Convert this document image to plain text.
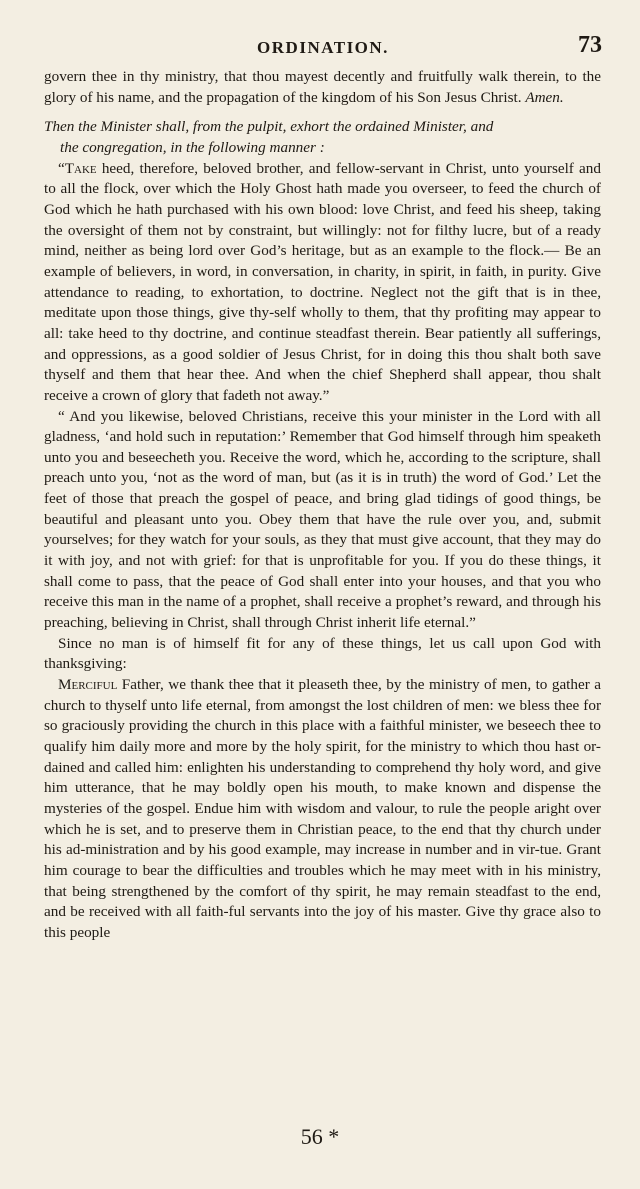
ORDINATION.	73

govern thee in thy ministry, that thou mayest decently and fruitfully walk therein, to the glory of his name, and the propagation of the kingdom of his Son Jesus Christ. Amen.

Then the Minister shall, from the pulpit, exhort the ordained Minister, and
the congregation, in the following manner :

“Take heed, therefore, beloved brother, and fellow-servant in Christ, unto yourself and to all the flock, over which the Holy Ghost hath made you overseer, to feed the church of God which he hath purchased with his own blood: love Christ, and feed his sheep, taking the oversight of them not by constraint, but willingly: not for filthy lucre, but of a ready mind, neither as being lord over God’s heritage, but as an example to the flock.— Be an example of believers, in word, in conversation, in charity, in spirit, in faith, in purity. Give attendance to reading, to exhortation, to doctrine. Neglect not the gift that is in thee, meditate upon those things, give thy-self wholly to them, that thy profiting may appear to all: take heed to thy doctrine, and continue steadfast therein. Bear patiently all sufferings, and oppressions, as a good soldier of Jesus Christ, for in doing this thou shalt both save thyself and them that hear thee. And when the chief Shepherd shall appear, thou shalt receive a crown of glory that fadeth not away.”

“ And you likewise, beloved Christians, receive this your minister in the Lord with all gladness, ‘and hold such in reputation:’ Remember that God himself through him speaketh unto you and beseecheth you. Receive the word, which he, according to the scripture, shall preach unto you, ‘not as the word of man, but (as it is in truth) the word of God.’ Let the feet of those that preach the gospel of peace, and bring glad tidings of good things, be beautiful and pleasant unto you. Obey them that have the rule over you, and, submit yourselves; for they watch for your souls, as they that must give account, that they may do it with joy, and not with grief: for that is unprofitable for you. If you do these things, it shall come to pass, that the peace of God shall enter into your houses, and that you who receive this man in the name of a prophet, shall receive a prophet’s reward, and through his preaching, believing in Christ, shall through Christ inherit life eternal.”

Since no man is of himself fit for any of these things, let us call upon God with thanksgiving:

Merciful Father, we thank thee that it pleaseth thee, by the ministry of men, to gather a church to thyself unto life eternal, from amongst the lost children of men: we bless thee for so graciously providing the church in this place with a faithful minister, we beseech thee to qualify him daily more and more by the holy spirit, for the ministry to which thou hast or-dained and called him: enlighten his understanding to comprehend thy holy word, and give him utterance, that he may boldly open his mouth, to make known and dispense the mysteries of the gospel. Endue him with wisdom and valour, to rule the people aright over which he is set, and to preserve them in Christian peace, to the end that thy church under his ad-ministration and by his good example, may increase in number and in vir-tue. Grant him courage to bear the difficulties and troubles which he may meet with in his ministry, that being strengthened by the comfort of thy spirit, he may remain steadfast to the end, and be received with all faith-ful servants into the joy of his master. Give thy grace also to this people

56 *
